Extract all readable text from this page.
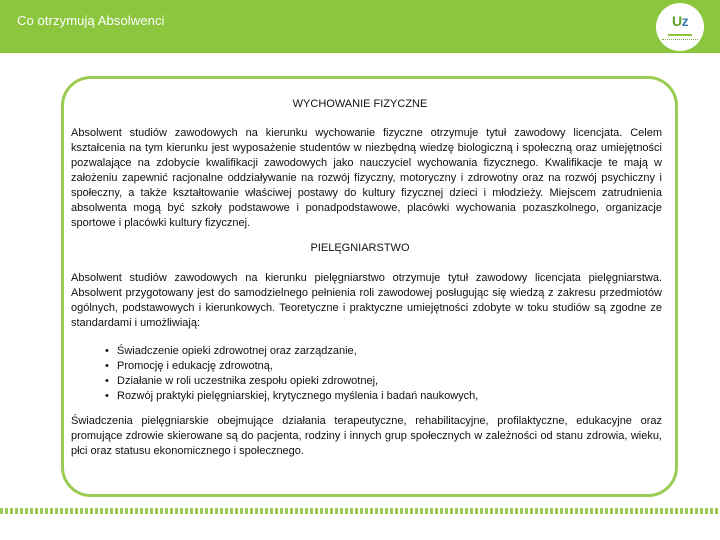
Co otrzymują Absolwenci	Uz
WYCHOWANIE FIZYCZNE
Absolwent studiów zawodowych na kierunku wychowanie fizyczne otrzymuje tytuł zawodowy licencjata. Celem kształcenia na tym kierunku jest wyposażenie studentów w niezbędną wiedzę biologiczną i społeczną oraz umiejętności pozwalające na zdobycie kwalifikacji zawodowych jako nauczyciel wychowania fizycznego. Kwalifikacje te mają w założeniu zapewnić racjonalne oddziaływanie na rozwój fizyczny, motoryczny i zdrowotny oraz na rozwój psychiczny i społeczny, a także kształtowanie właściwej postawy do kultury fizycznej dzieci i młodzieży. Miejscem zatrudnienia absolwenta mogą być szkoły podstawowe i ponadpodstawowe, placówki wychowania pozaszkolnego, organizacje sportowe i placówki kultury fizycznej.
PIELĘGNIARSTWO
Absolwent studiów zawodowych na kierunku pielęgniarstwo otrzymuje tytuł zawodowy licencjata pielęgniarstwa. Absolwent przygotowany jest do samodzielnego pełnienia roli zawodowej posługując się wiedzą z zakresu przedmiotów ogólnych, podstawowych i kierunkowych. Teoretyczne i praktyczne umiejętności zdobyte w toku studiów są zgodne ze standardami i umożliwiają:
• Świadczenie opieki zdrowotnej oraz zarządzanie,
• Promocję i edukację zdrowotną,
• Działanie w roli uczestnika zespołu opieki zdrowotnej,
• Rozwój praktyki pielęgniarskiej, krytycznego myślenia i badań naukowych,
Świadczenia pielęgniarskie obejmujące działania terapeutyczne, rehabilitacyjne, profilaktyczne, edukacyjne oraz promujące zdrowie skierowane są do pacjenta, rodziny i innych grup społecznych w zależności od stanu zdrowia, wieku, płci oraz statusu ekonomicznego i społecznego.
